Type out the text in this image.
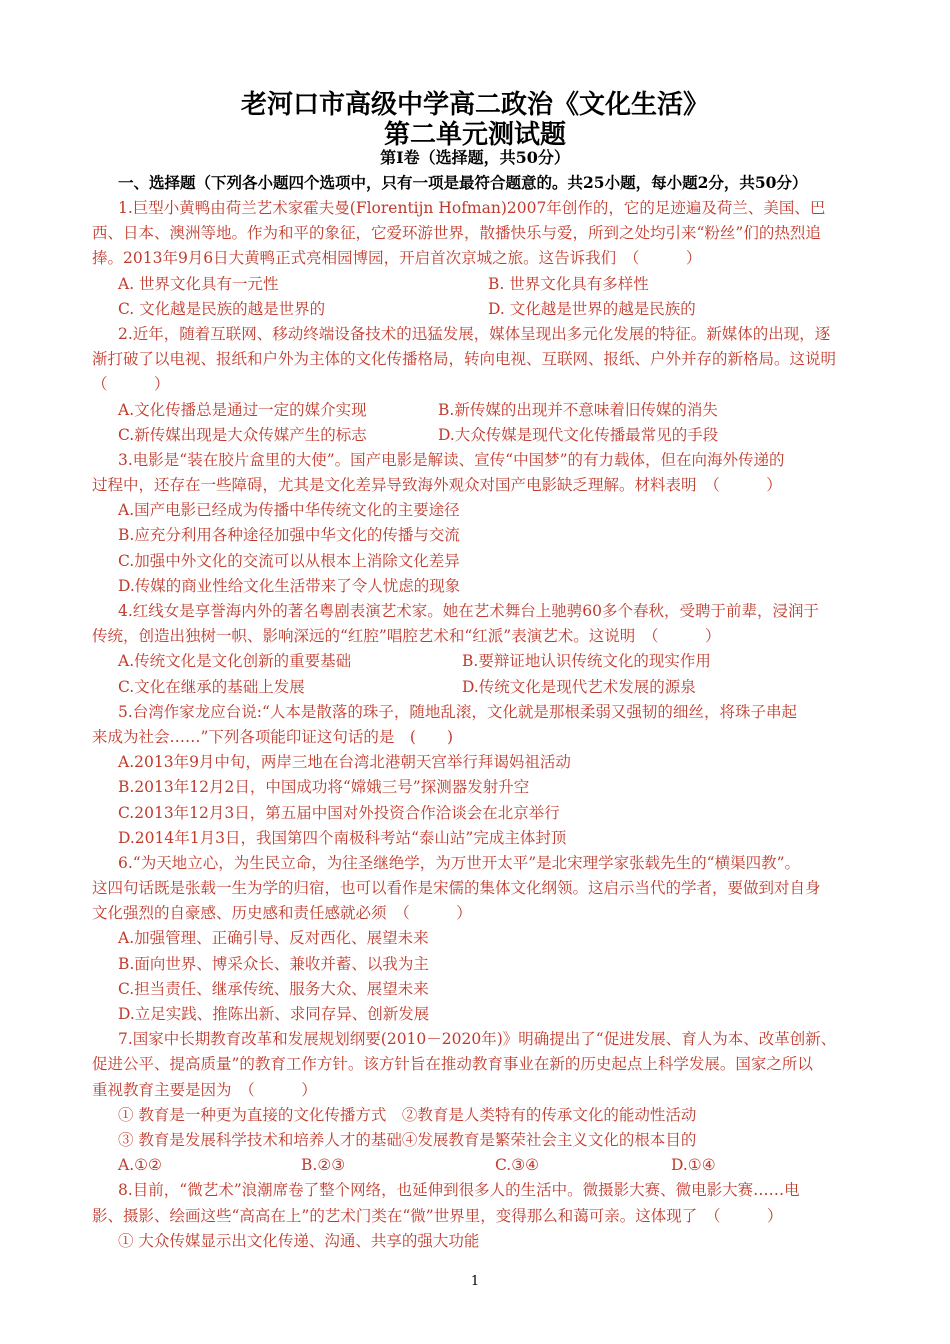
老河口市高级中学高二政治《文化生活》
第二单元测试题
第Ⅰ卷（选择题，共50分）
一、选择题（下列各小题四个选项中，只有一项是最符合题意的。共25小题，每小题2分，共50分）
1.巨型小黄鸭由荷兰艺术家霍夫曼(Florentijn Hofman)2007年创作的，它的足迹遍及荷兰、美国、巴
西、日本、澳洲等地。作为和平的象征，它爱环游世界，散播快乐与爱，所到之处均引来“粉丝”们的热烈追
捧。2013年9月6日大黄鸭正式亮相园博园，开启首次京城之旅。这告诉我们　（　　　）
A. 世界文化具有一元性	B. 世界文化具有多样性
C. 文化越是民族的越是世界的	D. 文化越是世界的越是民族的
2.近年，随着互联网、移动终端设备技术的迅猛发展，媒体呈现出多元化发展的特征。新媒体的出现，逐
渐打破了以电视、报纸和户外为主体的文化传播格局，转向电视、互联网、报纸、户外并存的新格局。这说明
（　　　）
A.文化传播总是通过一定的媒介实现	B.新传媒的出现并不意味着旧传媒的消失
C.新传媒出现是大众传媒产生的标志	D.大众传媒是现代文化传播最常见的手段
3.电影是“装在胶片盒里的大使”。国产电影是解读、宣传“中国梦”的有力载体，但在向海外传递的
过程中，还存在一些障碍，尤其是文化差异导致海外观众对国产电影缺乏理解。材料表明　（　　　）
A.国产电影已经成为传播中华传统文化的主要途径
B.应充分利用各种途径加强中华文化的传播与交流
C.加强中外文化的交流可以从根本上消除文化差异
D.传媒的商业性给文化生活带来了令人忧虑的现象
4.红线女是享誉海内外的著名粤剧表演艺术家。她在艺术舞台上驰骋60多个春秋，受聘于前辈，浸润于
传统，创造出独树一帜、影响深远的“红腔”唱腔艺术和“红派”表演艺术。这说明　（　　　）
A.传统文化是文化创新的重要基础	B.要辩证地认识传统文化的现实作用
C.文化在继承的基础上发展	D.传统文化是现代艺术发展的源泉
5.台湾作家龙应台说:“人本是散落的珠子，随地乱滚，文化就是那根柔弱又强韧的细丝，将珠子串起
来成为社会……”下列各项能印证这句话的是　(　　)
A.2013年9月中旬，两岸三地在台湾北港朝天宫举行拜谒妈祖活动
B.2013年12月2日，中国成功将“嫦娥三号”探测器发射升空
C.2013年12月3日，第五届中国对外投资合作洽谈会在北京举行
D.2014年1月3日，我国第四个南极科考站“泰山站”完成主体封顶
6.“为天地立心，为生民立命，为往圣继绝学，为万世开太平”是北宋理学家张载先生的“横渠四教”。
这四句话既是张载一生为学的归宿，也可以看作是宋儒的集体文化纲领。这启示当代的学者，要做到对自身
文化强烈的自豪感、历史感和责任感就必须　（　　　）
A.加强管理、正确引导、反对西化、展望未来
B.面向世界、博采众长、兼收并蓄、以我为主
C.担当责任、继承传统、服务大众、展望未来
D.立足实践、推陈出新、求同存异、创新发展
7.国家中长期教育改革和发展规划纲要(2010－2020年)》明确提出了“促进发展、育人为本、改革创新、
促进公平、提高质量”的教育工作方针。该方针旨在推动教育事业在新的历史起点上科学发展。国家之所以
重视教育主要是因为　（　　　）
① 教育是一种更为直接的文化传播方式　②教育是人类特有的传承文化的能动性活动
③ 教育是发展科学技术和培养人才的基础④发展教育是繁荣社会主义文化的根本目的
A.①②	B.②③	C.③④	D.①④
8.目前，“微艺术”浪潮席卷了整个网络，也延伸到很多人的生活中。微摄影大赛、微电影大赛……电
影、摄影、绘画这些“高高在上”的艺术门类在“微”世界里，变得那么和蔼可亲。这体现了　（　　　）
① 大众传媒显示出文化传递、沟通、共享的强大功能
1
